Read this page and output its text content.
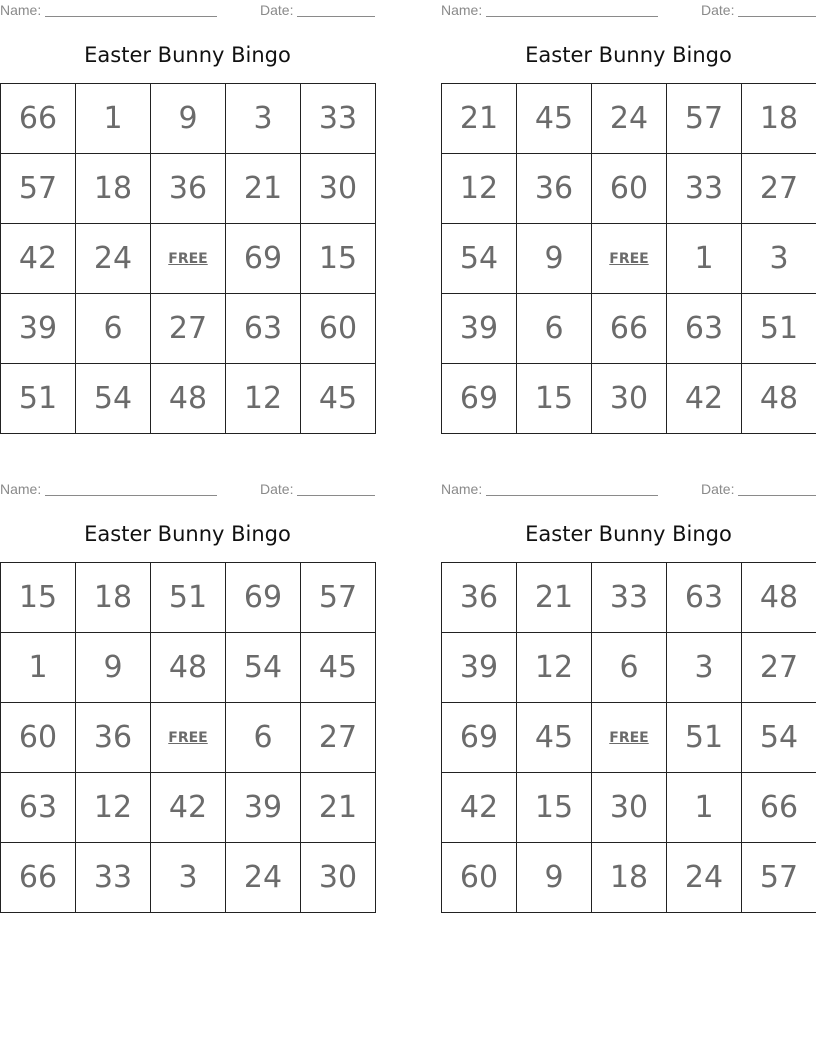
Name:	Date:
Easter Bunny Bingo
66	1	9	3	33
57	18	36	21	30
42	24	FREE	69	15
39	6	27	63	60
51	54	48	12	45
Name:	Date:
Easter Bunny Bingo
21	45	24	57	18
12	36	60	33	27
54	9	FREE	1	3
39	6	66	63	51
69	15	30	42	48
Name:	Date:
Easter Bunny Bingo
15	18	51	69	57
1	9	48	54	45
60	36	FREE	6	27
63	12	42	39	21
66	33	3	24	30
Name:	Date:
Easter Bunny Bingo
36	21	33	63	48
39	12	6	3	27
69	45	FREE	51	54
42	15	30	1	66
60	9	18	24	57
